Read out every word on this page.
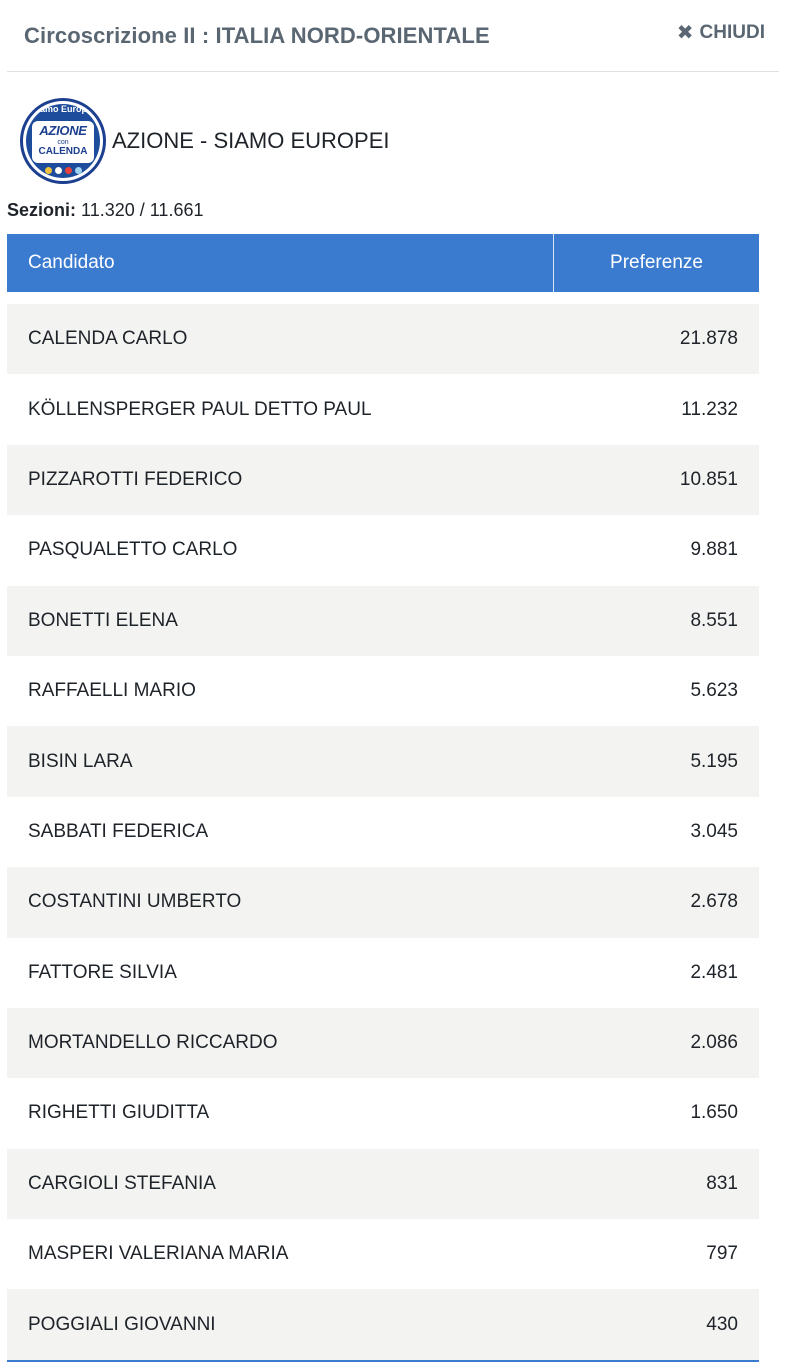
Circoscrizione II : ITALIA NORD-ORIENTALE	✖ CHIUDI
Siamo Europei
AZIONE
con
CALENDA AZIONE - SIAMO EUROPEI
Sezioni: 11.320 / 11.661
Candidato	Preferenze
CALENDA CARLO	21.878
KÖLLENSPERGER PAUL DETTO PAUL	11.232
PIZZAROTTI FEDERICO	10.851
PASQUALETTO CARLO	9.881
BONETTI ELENA	8.551
RAFFAELLI MARIO	5.623
BISIN LARA	5.195
SABBATI FEDERICA	3.045
COSTANTINI UMBERTO	2.678
FATTORE SILVIA	2.481
MORTANDELLO RICCARDO	2.086
RIGHETTI GIUDITTA	1.650
CARGIOLI STEFANIA	831
MASPERI VALERIANA MARIA	797
POGGIALI GIOVANNI	430
